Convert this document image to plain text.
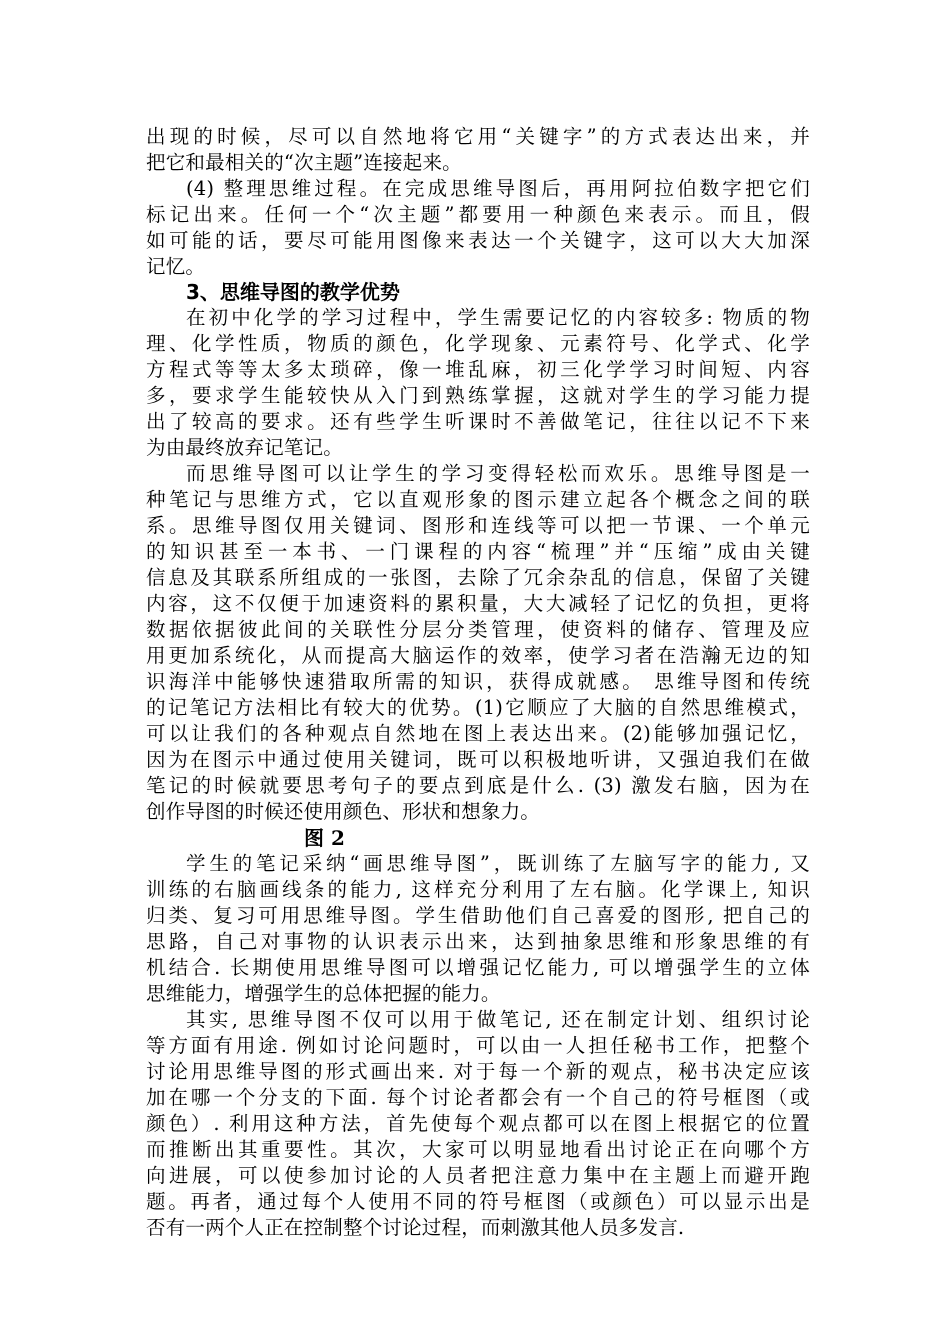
出现的时候，尽可以自然地将它用“关键字”的方式表达出来，并
把它和最相关的“次主题”连接起来。
(4) 整理思维过程。在完成思维导图后，再用阿拉伯数字把它们
标记出来。任何一个“次主题”都要用一种颜色来表示。而且，假
如可能的话，要尽可能用图像来表达一个关键字，这可以大大加深
记忆。
3、思维导图的教学优势
在初中化学的学习过程中，学生需要记忆的内容较多: 物质的物
理、化学性质，物质的颜色，化学现象、元素符号、化学式、化学
方程式等等太多太琐碎，像一堆乱麻，初三化学学习时间短、内容
多，要求学生能较快从入门到熟练掌握，这就对学生的学习能力提
出了较高的要求。还有些学生听课时不善做笔记，往往以记不下来
为由最终放弃记笔记。
而思维导图可以让学生的学习变得轻松而欢乐。思维导图是一
种笔记与思维方式，它以直观形象的图示建立起各个概念之间的联
系。思维导图仅用关键词、图形和连线等可以把一节课、一个单元
的知识甚至一本书、一门课程的内容“梳理”并“压缩”成由关键
信息及其联系所组成的一张图，去除了冗余杂乱的信息，保留了关键
内容，这不仅便于加速资料的累积量，大大减轻了记忆的负担，更将
数据依据彼此间的关联性分层分类管理，使资料的储存、管理及应
用更加系统化，从而提高大脑运作的效率，使学习者在浩瀚无边的知
识海洋中能够快速猎取所需的知识，获得成就感。 思维导图和传统
的记笔记方法相比有较大的优势。(1)它顺应了大脑的自然思维模式，
可以让我们的各种观点自然地在图上表达出来。(2)能够加强记忆，
因为在图示中通过使用关键词，既可以积极地听讲，又强迫我们在做
笔记的时候就要思考句子的要点到底是什么. (3) 激发右脑，因为在
创作导图的时候还使用颜色、形状和想象力。
图 2
学生的笔记采纳“画思维导图”，既训练了左脑写字的能力, 又
训练的右脑画线条的能力, 这样充分利用了左右脑。化学课上, 知识
归类、复习可用思维导图。学生借助他们自己喜爱的图形, 把自己的
思路，自己对事物的认识表示出来，达到抽象思维和形象思维的有
机结合. 长期使用思维导图可以增强记忆能力, 可以增强学生的立体
思维能力，增强学生的总体把握的能力。
其实, 思维导图不仅可以用于做笔记, 还在制定计划、组织讨论
等方面有用途. 例如讨论问题时，可以由一人担任秘书工作，把整个
讨论用思维导图的形式画出来. 对于每一个新的观点，秘书决定应该
加在哪一个分支的下面. 每个讨论者都会有一个自己的符号框图（或
颜色）. 利用这种方法，首先使每个观点都可以在图上根据它的位置
而推断出其重要性。其次，大家可以明显地看出讨论正在向哪个方
向进展，可以使参加讨论的人员者把注意力集中在主题上而避开跑
题。再者，通过每个人使用不同的符号框图（或颜色）可以显示出是
否有一两个人正在控制整个讨论过程，而刺激其他人员多发言.
